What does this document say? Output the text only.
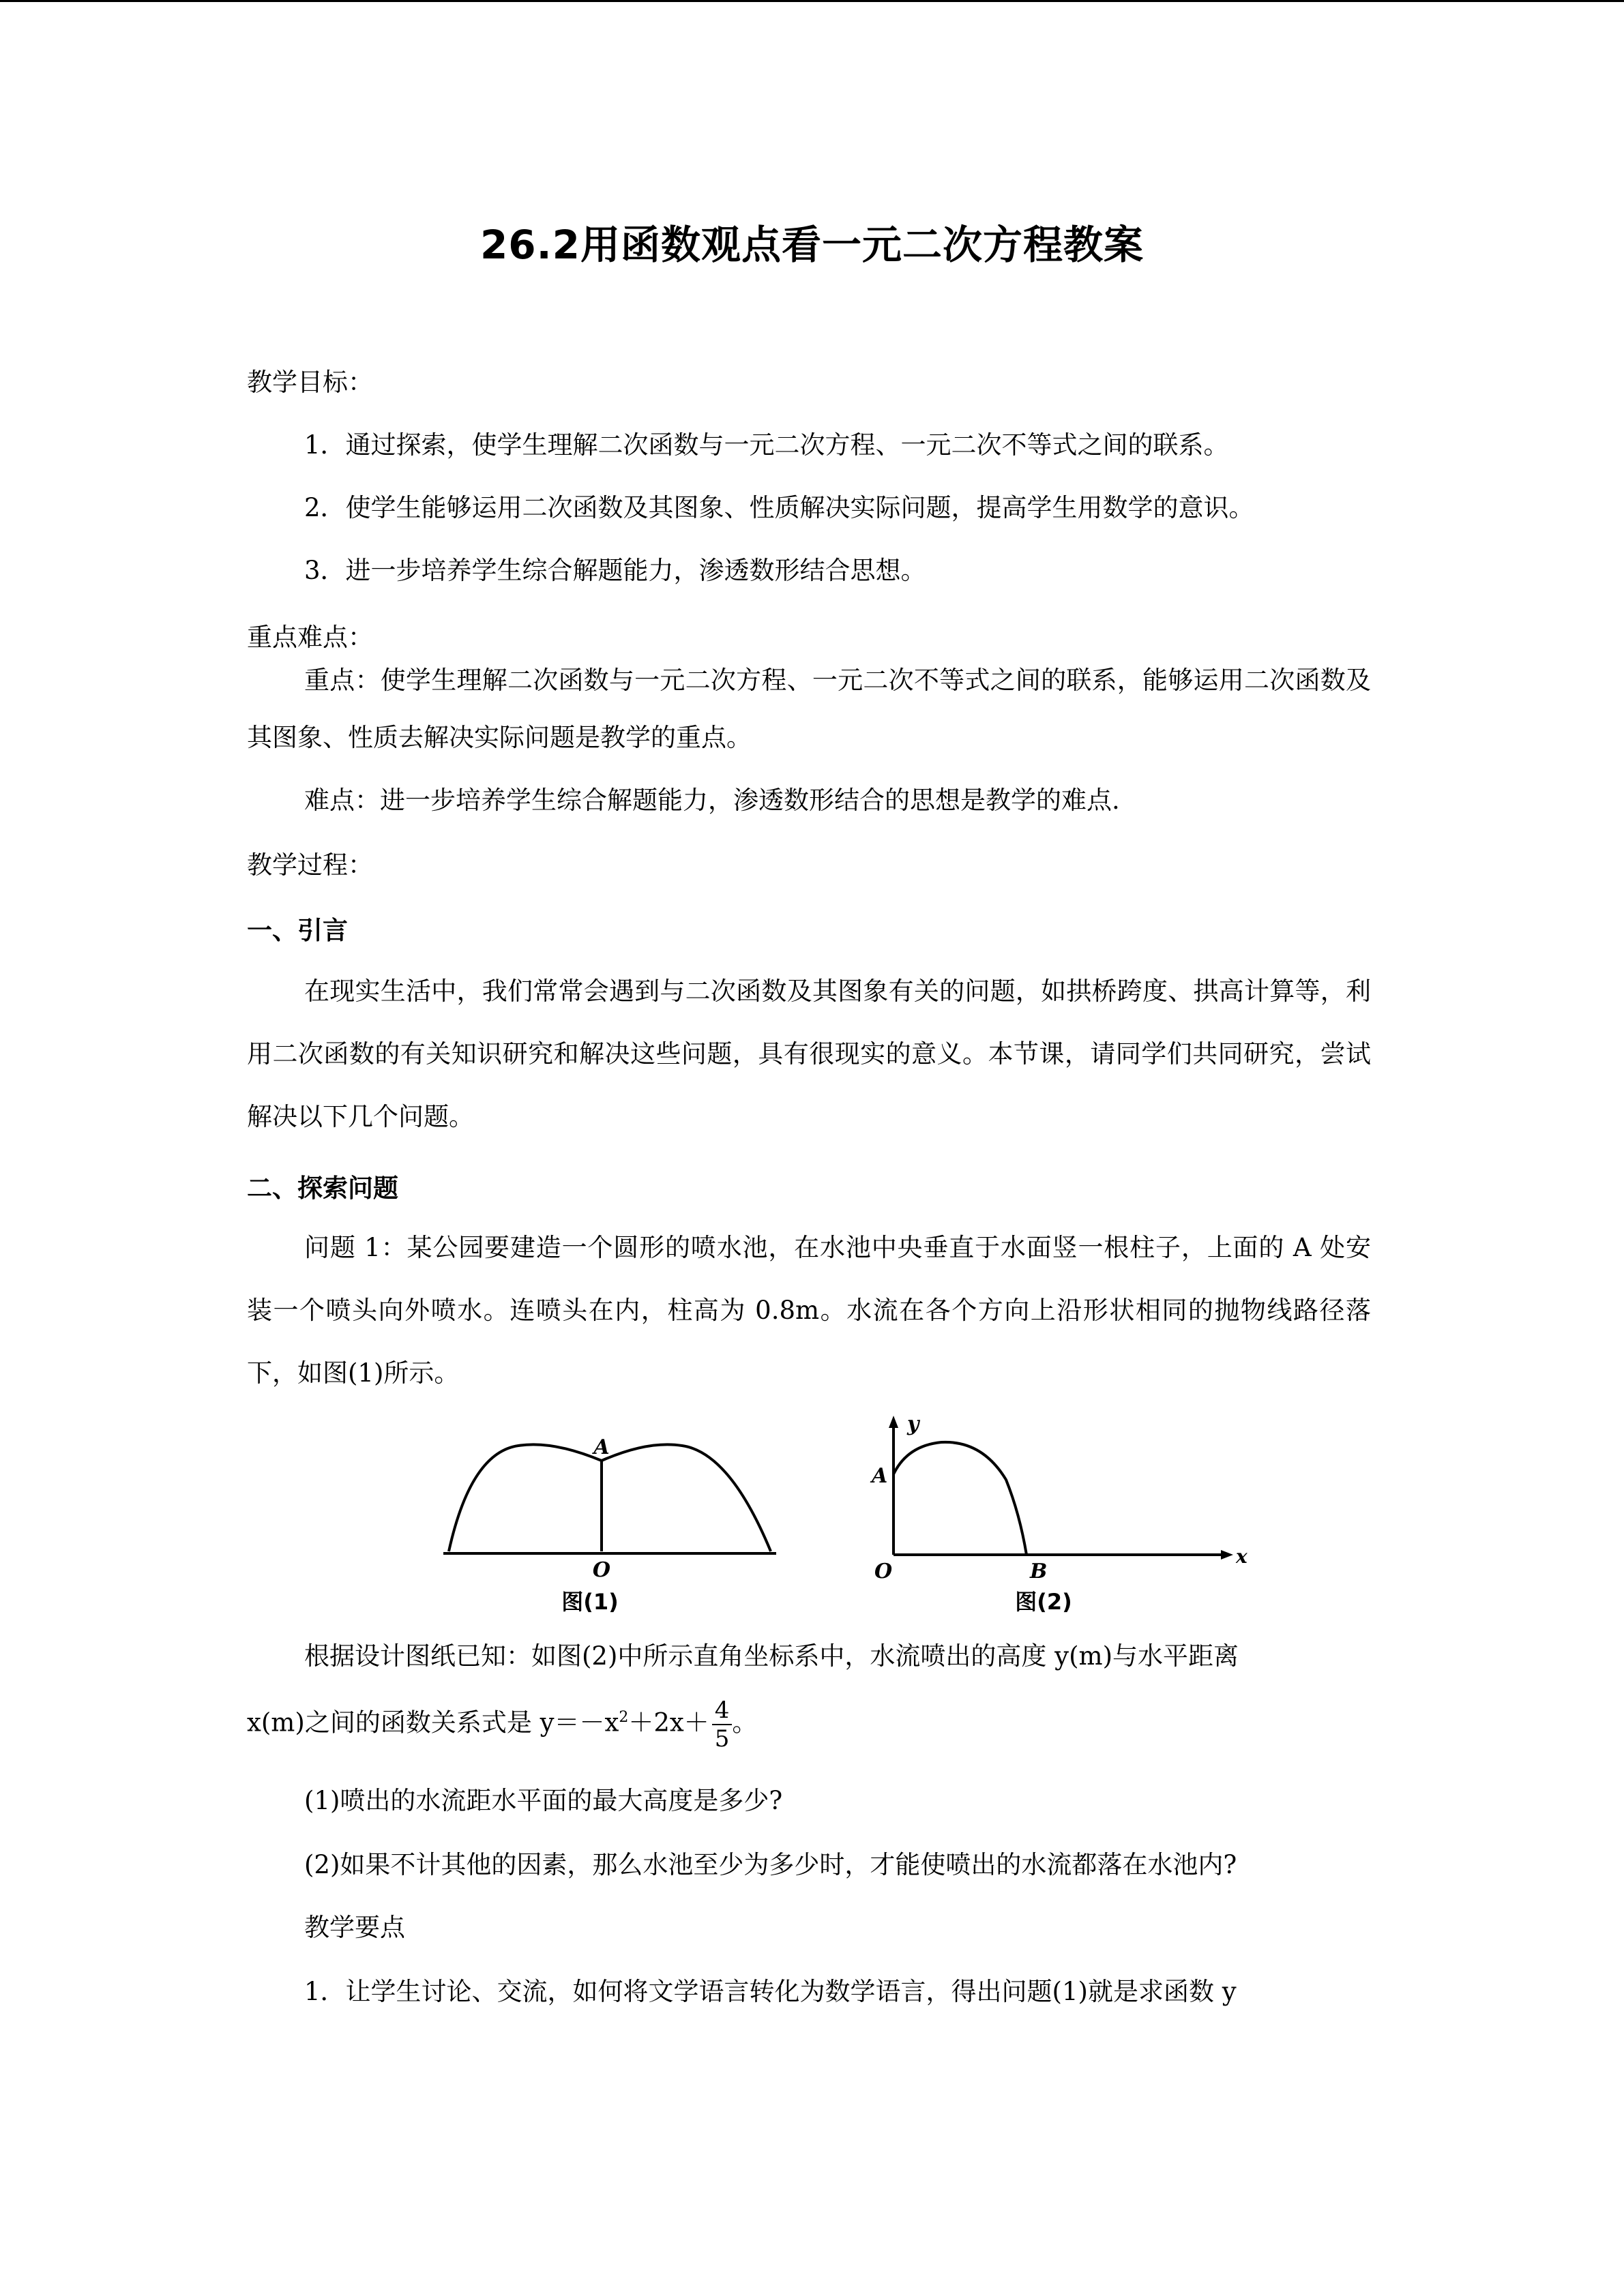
26.2用函数观点看一元二次方程教案
教学目标：
1．通过探索，使学生理解二次函数与一元二次方程、一元二次不等式之间的联系。
2．使学生能够运用二次函数及其图象、性质解决实际问题，提高学生用数学的意识。
3．进一步培养学生综合解题能力，渗透数形结合思想。
重点难点：
重点：使学生理解二次函数与一元二次方程、一元二次不等式之间的联系，能够运用二次函数及其图象、性质去解决实际问题是教学的重点。
难点：进一步培养学生综合解题能力，渗透数形结合的思想是教学的难点.
教学过程：
一、引言
在现实生活中，我们常常会遇到与二次函数及其图象有关的问题，如拱桥跨度、拱高计算等，利用二次函数的有关知识研究和解决这些问题，具有很现实的意义。本节课，请同学们共同研究，尝试解决以下几个问题。
二、探索问题
问题 1：某公园要建造一个圆形的喷水池，在水池中央垂直于水面竖一根柱子，上面的 A 处安装一个喷头向外喷水。连喷头在内，柱高为 0.8m。水流在各个方向上沿形状相同的抛物线路径落下，如图(1)所示。
A
O
图(1)
y
A
O	B
x
图(2)
根据设计图纸已知：如图(2)中所示直角坐标系中，水流喷出的高度 y(m)与水平距离
x(m)之间的函数关系式是 $y=-x^2+2x+ \frac{4}{5}$ 。
(1)喷出的水流距水平面的最大高度是多少?
(2)如果不计其他的因素，那么水池至少为多少时，才能使喷出的水流都落在水池内?
教学要点
1．让学生讨论、交流，如何将文学语言转化为数学语言，得出问题(1)就是求函数 y
